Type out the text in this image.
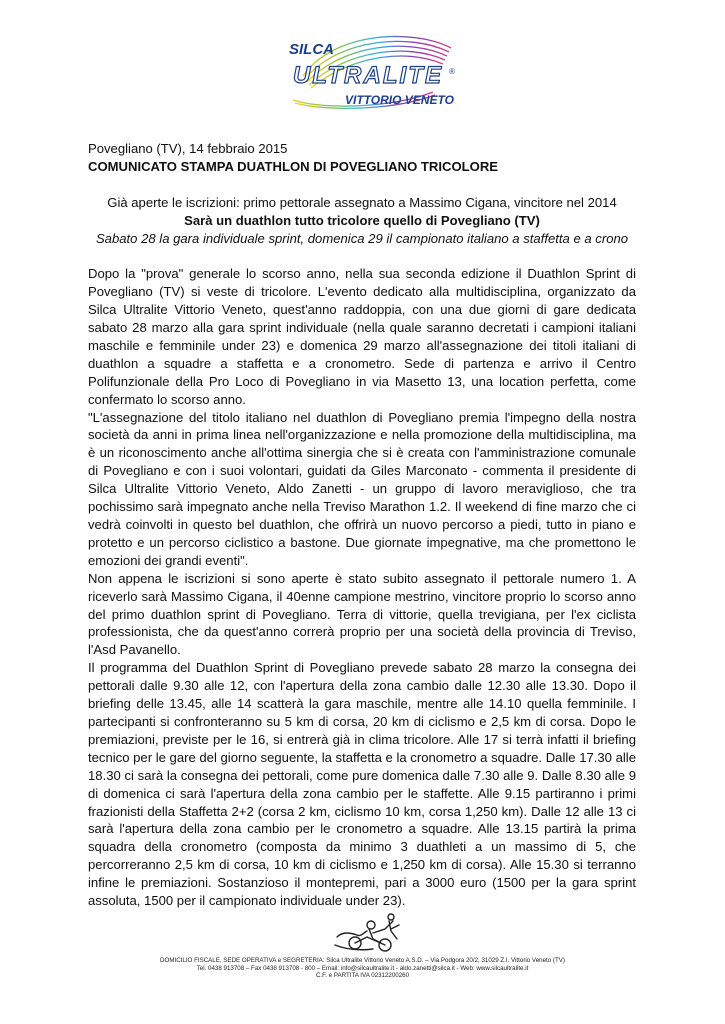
SILCA
ULTRALITE ®
VITTORIO VENETO
Povegliano (TV), 14 febbraio 2015
COMUNICATO STAMPA DUATHLON DI POVEGLIANO TRICOLORE
Già aperte le iscrizioni: primo pettorale assegnato a Massimo Cigana, vincitore nel 2014
Sarà un duathlon tutto tricolore quello di Povegliano (TV)
Sabato 28 la gara individuale sprint, domenica 29 il campionato italiano a staffetta e a crono

Dopo la "prova" generale lo scorso anno, nella sua seconda edizione il Duathlon Sprint di Povegliano (TV) si veste di tricolore. L'evento dedicato alla multidisciplina, organizzato da Silca Ultralite Vittorio Veneto, quest'anno raddoppia, con una due giorni di gare dedicata sabato 28 marzo alla gara sprint individuale (nella quale saranno decretati i campioni italiani maschile e femminile under 23) e domenica 29 marzo all'assegnazione dei titoli italiani di duathlon a squadre a staffetta e a cronometro. Sede di partenza e arrivo il Centro Polifunzionale della Pro Loco di Povegliano in via Masetto 13, una location perfetta, come confermato lo scorso anno.

"L'assegnazione del titolo italiano nel duathlon di Povegliano premia l'impegno della nostra società da anni in prima linea nell'organizzazione e nella promozione della multidisciplina, ma è un riconoscimento anche all'ottima sinergia che si è creata con l'amministrazione comunale di Povegliano e con i suoi volontari, guidati da Giles Marconato - commenta il presidente di Silca Ultralite Vittorio Veneto, Aldo Zanetti - un gruppo di lavoro meraviglioso, che tra pochissimo sarà impegnato anche nella Treviso Marathon 1.2. Il weekend di fine marzo che ci vedrà coinvolti in questo bel duathlon, che offrirà un nuovo percorso a piedi, tutto in piano e protetto e un percorso ciclistico a bastone. Due giornate impegnative, ma che promettono le emozioni dei grandi eventi".

Non appena le iscrizioni si sono aperte è stato subito assegnato il pettorale numero 1. A riceverlo sarà Massimo Cigana, il 40enne campione mestrino, vincitore proprio lo scorso anno del primo duathlon sprint di Povegliano. Terra di vittorie, quella trevigiana, per l'ex ciclista professionista, che da quest'anno correrà proprio per una società della provincia di Treviso, l'Asd Pavanello.

Il programma del Duathlon Sprint di Povegliano prevede sabato 28 marzo la consegna dei pettorali dalle 9.30 alle 12, con l'apertura della zona cambio dalle 12.30 alle 13.30. Dopo il briefing delle 13.45, alle 14 scatterà la gara maschile, mentre alle 14.10 quella femminile. I partecipanti si confronteranno su 5 km di corsa, 20 km di ciclismo e 2,5 km di corsa. Dopo le premiazioni, previste per le 16, si entrerà già in clima tricolore. Alle 17 si terrà infatti il briefing tecnico per le gare del giorno seguente, la staffetta e la cronometro a squadre. Dalle 17.30 alle 18.30 ci sarà la consegna dei pettorali, come pure domenica dalle 7.30 alle 9. Dalle 8.30 alle 9 di domenica ci sarà l'apertura della zona cambio per le staffette. Alle 9.15 partiranno i primi frazionisti della Staffetta 2+2 (corsa 2 km, ciclismo 10 km, corsa 1,250 km). Dalle 12 alle 13 ci sarà l'apertura della zona cambio per le cronometro a squadre. Alle 13.15 partirà la prima squadra della cronometro (composta da minimo 3 duathleti a un massimo di 5, che percorreranno 2,5 km di corsa, 10 km di ciclismo e 1,250 km di corsa). Alle 15.30 si terranno infine le premiazioni. Sostanzioso il montepremi, pari a 3000 euro (1500 per la gara sprint assoluta, 1500 per il campionato individuale under 23).

DOMICILIO FISCALE, SEDE OPERATIVA e SEGRETERIA: Silca Ultralite Vittorio Veneto A.S.D. – Via Podgora 20/2, 31029 Z.I. Vittorio Veneto (TV)
Tel. 0438 913708 – Fax 0438 913708 - 800 – Email: info@silcaultralite.it - aldo.zanetti@silca.it - Web: www.silcaultralite.it
C.F. e PARTITA IVA 02312200260
